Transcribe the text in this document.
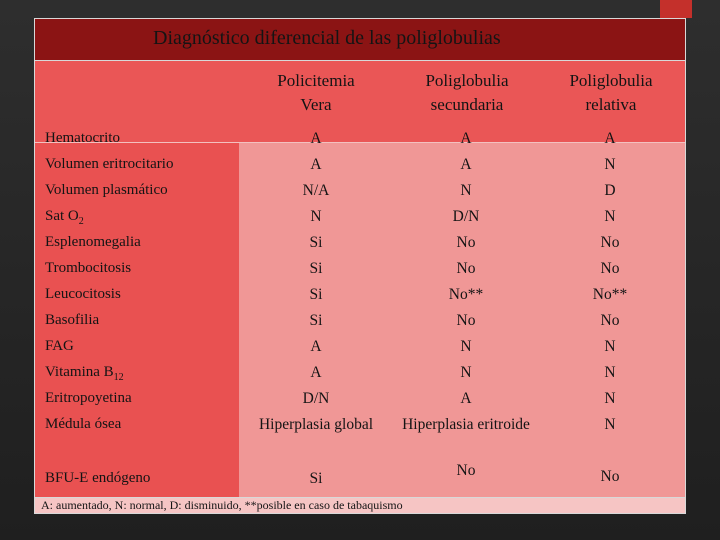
Diagnóstico diferencial de las poliglobulias
Policitemia
Vera
Poliglobulia
secundaria
Poliglobulia
relativa
Hematocrito
Volumen eritrocitario
Volumen plasmático
Sat $O_2$
Esplenomegalia
Trombocitosis
Leucocitosis
Basofilia
FAG
Vitamina $B_{12}$
Eritropoyetina
Médula ósea
BFU-E endógeno
A
A
N/A
N
Si
Si
Si
Si
A
A
D/N
Hiperplasia global
Si
A
A
N
D/N
No
No
No**
No
N
N
A
Hiperplasia eritroide
No
A
N
D
N
No
No
No**
No
N
N
N
N
No
A: aumentado, N: normal, D: disminuido, **posible en caso de tabaquismo
